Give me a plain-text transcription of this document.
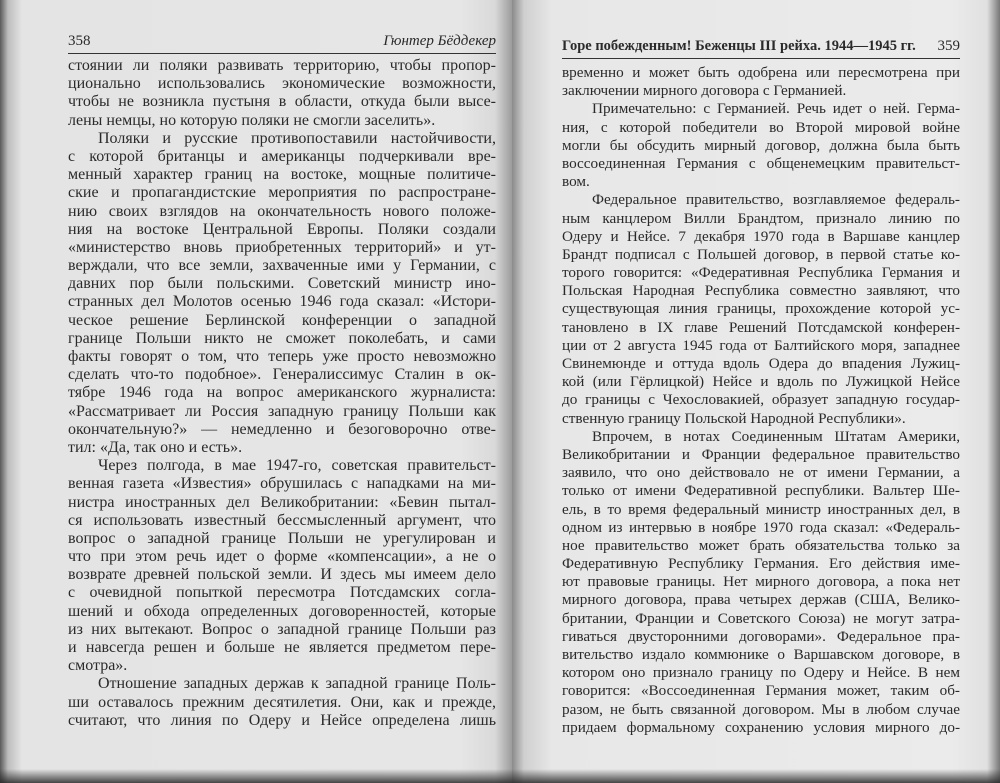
358	Гюнтер Бёддекер
стоянии ли поляки развивать территорию, чтобы пропор-
ционально использовались экономические возможности,
чтобы не возникла пустыня в области, откуда были высе-
лены немцы, но которую поляки не смогли заселить».
Поляки и русские противопоставили настойчивости,
с которой британцы и американцы подчеркивали вре-
менный характер границ на востоке, мощные политиче-
ские и пропагандистские мероприятия по распростране-
нию своих взглядов на окончательность нового положе-
ния на востоке Центральной Европы. Поляки создали
«министерство вновь приобретенных территорий» и ут-
верждали, что все земли, захваченные ими у Германии, с
давних пор были польскими. Советский министр ино-
странных дел Молотов осенью 1946 года сказал: «Истори-
ческое решение Берлинской конференции о западной
границе Польши никто не сможет поколебать, и сами
факты говорят о том, что теперь уже просто невозможно
сделать что-то подобное». Генералиссимус Сталин в ок-
тябре 1946 года на вопрос американского журналиста:
«Рассматривает ли Россия западную границу Польши как
окончательную?» — немедленно и безоговорочно отве-
тил: «Да, так оно и есть».
Через полгода, в мае 1947-го, советская правительст-
венная газета «Известия» обрушилась с нападками на ми-
нистра иностранных дел Великобритании: «Бевин пытал-
ся использовать известный бессмысленный аргумент, что
вопрос о западной границе Польши не урегулирован и
что при этом речь идет о форме «компенсации», а не о
возврате древней польской земли. И здесь мы имеем дело
с очевидной попыткой пересмотра Потсдамских согла-
шений и обхода определенных договоренностей, которые
из них вытекают. Вопрос о западной границе Польши раз
и навсегда решен и больше не является предметом пере-
смотра».
Отношение западных держав к западной границе Поль-
ши оставалось прежним десятилетия. Они, как и прежде,
считают, что линия по Одеру и Нейсе определена лишь
Горе побежденным! Беженцы III рейха. 1944—1945 гг. 359
временно и может быть одобрена или пересмотрена при
заключении мирного договора с Германией.
Примечательно: с Германией. Речь идет о ней. Герма-
ния, с которой победители во Второй мировой войне
могли бы обсудить мирный договор, должна была быть
воссоединенная Германия с общенемецким правительст-
вом.
Федеральное правительство, возглавляемое федераль-
ным канцлером Вилли Брандтом, признало линию по
Одеру и Нейсе. 7 декабря 1970 года в Варшаве канцлер
Брандт подписал с Польшей договор, в первой статье ко-
торого говорится: «Федеративная Республика Германия и
Польская Народная Республика совместно заявляют, что
существующая линия границы, прохождение которой ус-
тановлено в IX главе Решений Потсдамской конферен-
ции от 2 августа 1945 года от Балтийского моря, западнее
Свинемюнде и оттуда вдоль Одера до впадения Лужиц-
кой (или Гёрлицкой) Нейсе и вдоль по Лужицкой Нейсе
до границы с Чехословакией, образует западную государ-
ственную границу Польской Народной Республики».
Впрочем, в нотах Соединенным Штатам Америки,
Великобритании и Франции федеральное правительство
заявило, что оно действовало не от имени Германии, а
только от имени Федеративной республики. Вальтер Ше-
ель, в то время федеральный министр иностранных дел, в
одном из интервью в ноябре 1970 года сказал: «Федераль-
ное правительство может брать обязательства только за
Федеративную Республику Германия. Его действия име-
ют правовые границы. Нет мирного договора, а пока нет
мирного договора, права четырех держав (США, Велико-
британии, Франции и Советского Союза) не могут затра-
гиваться двусторонними договорами». Федеральное пра-
вительство издало коммюнике о Варшавском договоре, в
котором оно признало границу по Одеру и Нейсе. В нем
говорится: «Воссоединенная Германия может, таким об-
разом, не быть связанной договором. Мы в любом случае
придаем формальному сохранению условия мирного до-
